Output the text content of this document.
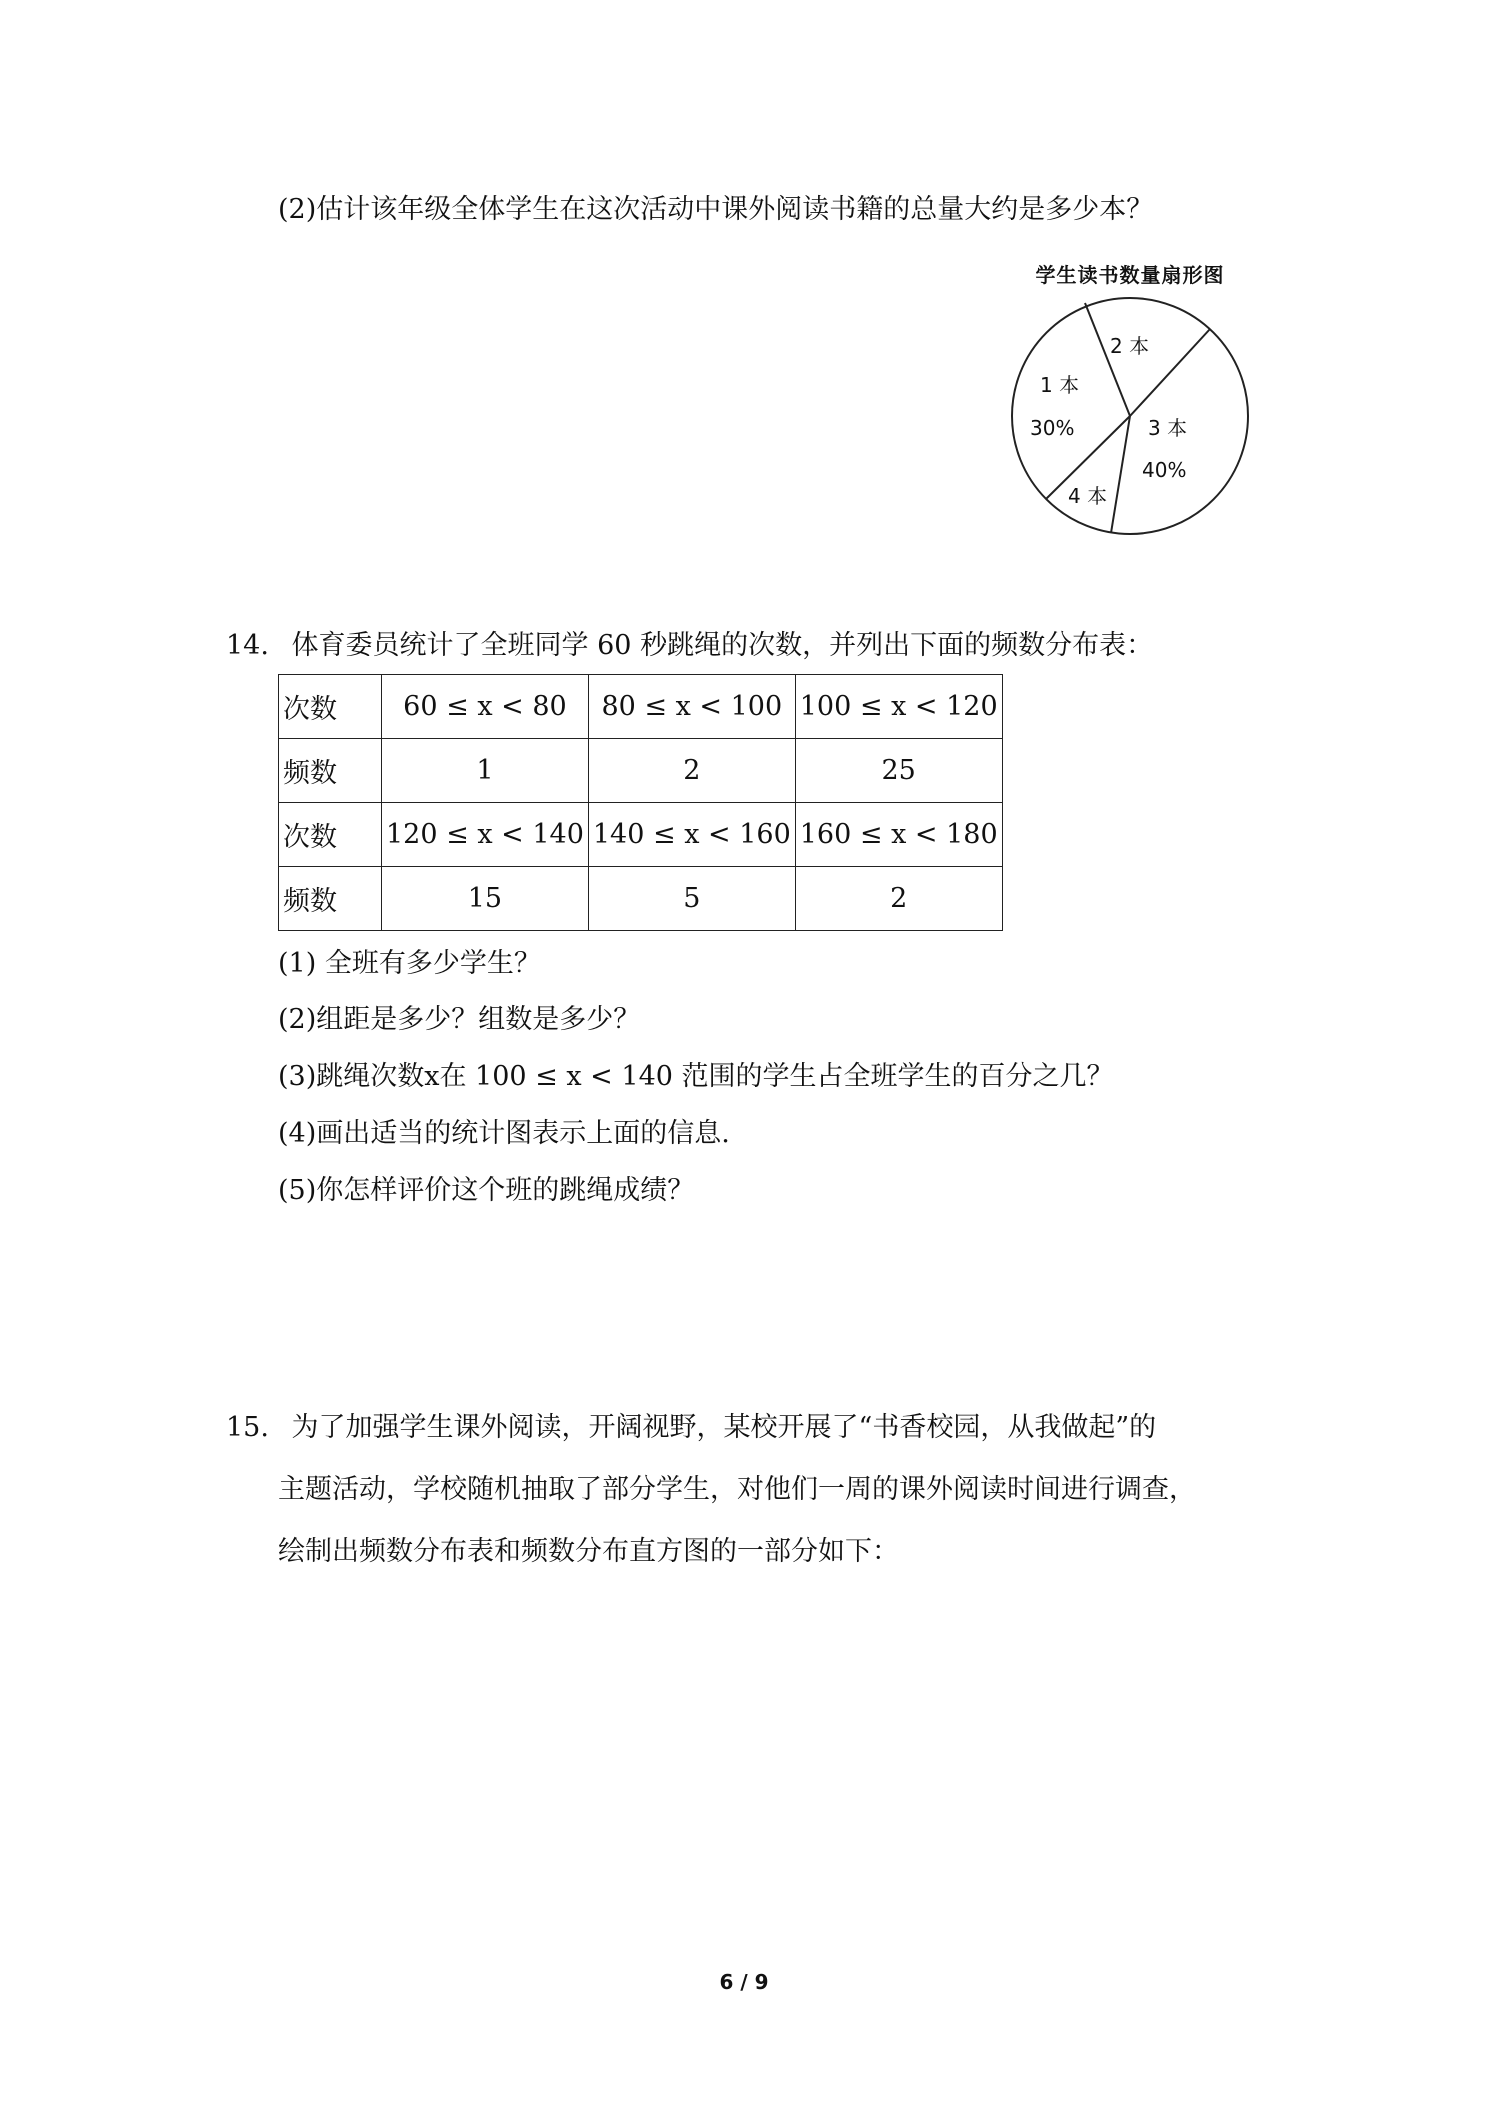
(2)估计该年级全体学生在这次活动中课外阅读书籍的总量大约是多少本？
学生读书数量扇形图
1 本
30%
2 本
3 本
40%
4 本
14. 体育委员统计了全班同学 60 秒跳绳的次数，并列出下面的频数分布表：
次数	60 ≤ x < 80	80 ≤ x < 100	100 ≤ x < 120
频数	1	2	25
次数	120 ≤ x < 140	140 ≤ x < 160	160 ≤ x < 180
频数	15	5	2
(1) 全班有多少学生？
(2)组距是多少？组数是多少？
(3)跳绳次数x在 100 ≤ x < 140 范围的学生占全班学生的百分之几？
(4)画出适当的统计图表示上面的信息.
(5)你怎样评价这个班的跳绳成绩？
15. 为了加强学生课外阅读，开阔视野，某校开展了“书香校园，从我做起”的
主题活动，学校随机抽取了部分学生，对他们一周的课外阅读时间进行调查，
绘制出频数分布表和频数分布直方图的一部分如下：
6 / 9
